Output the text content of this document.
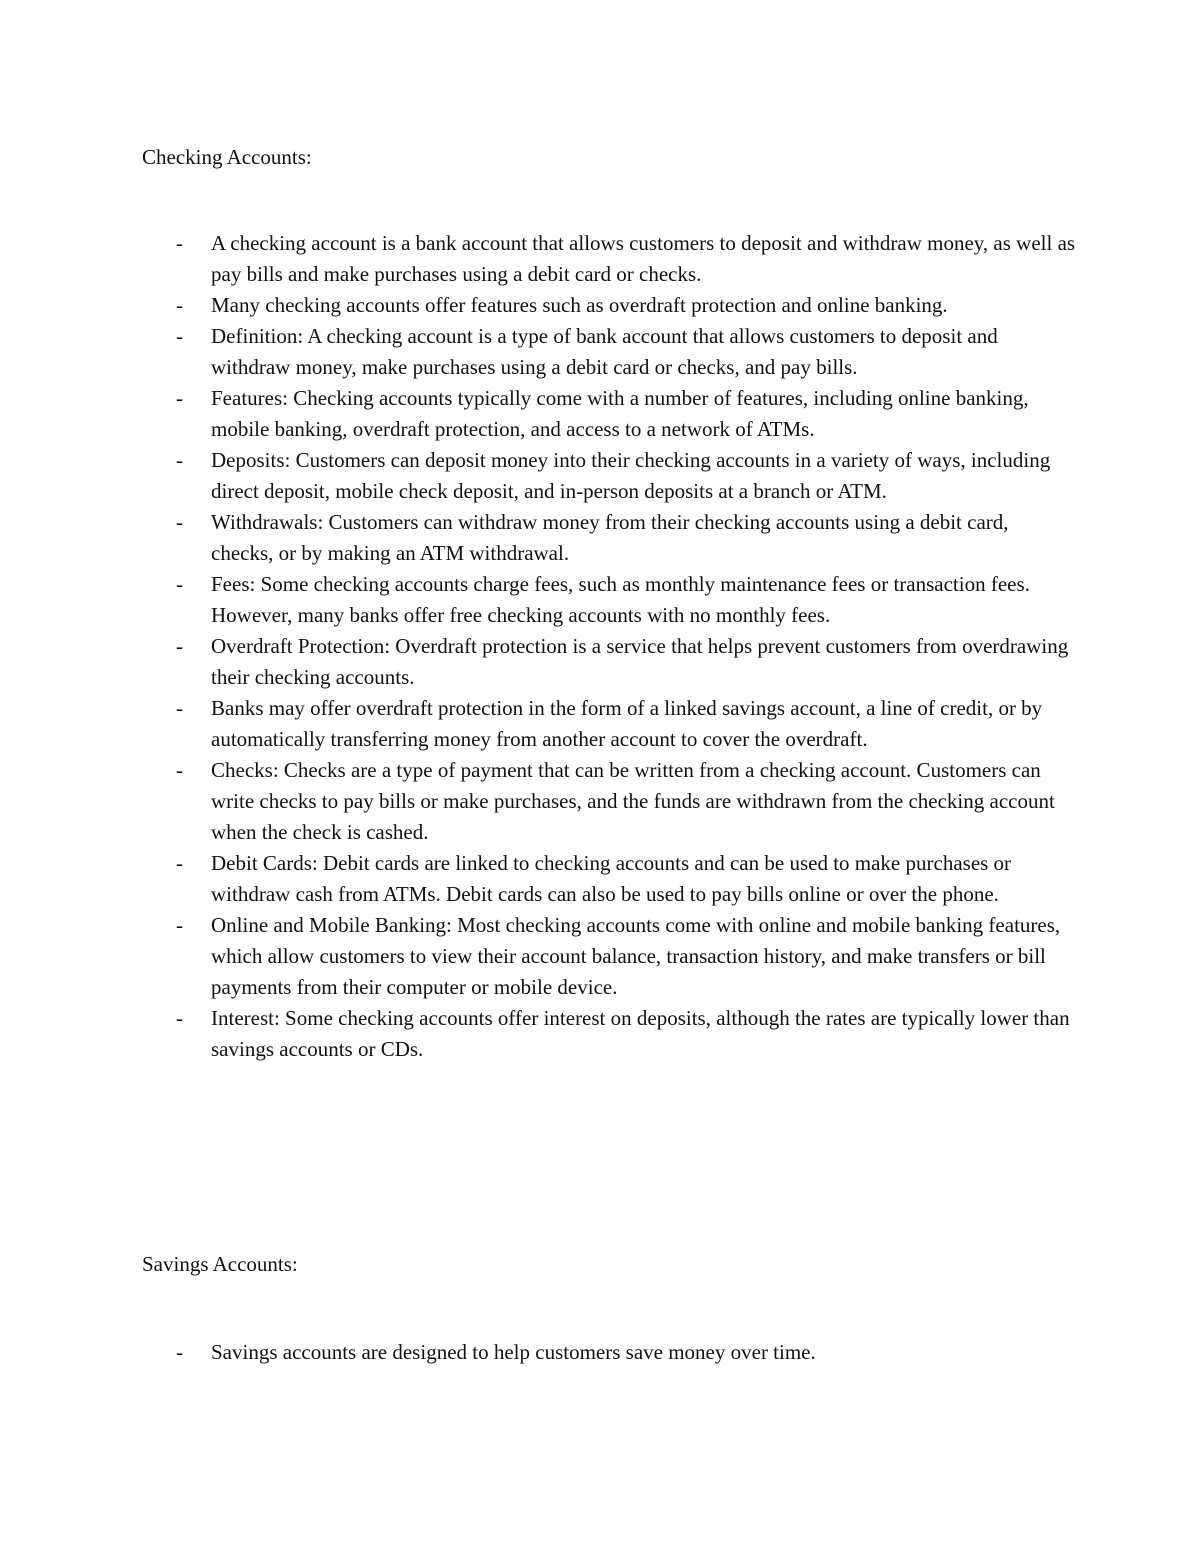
Checking Accounts:
-	A checking account is a bank account that allows customers to deposit and withdraw money, as well as pay bills and make purchases using a debit card or checks.
-	Many checking accounts offer features such as overdraft protection and online banking.
-	Definition: A checking account is a type of bank account that allows customers to deposit and withdraw money, make purchases using a debit card or checks, and pay bills.
-	Features: Checking accounts typically come with a number of features, including online banking, mobile banking, overdraft protection, and access to a network of ATMs.
-	Deposits: Customers can deposit money into their checking accounts in a variety of ways, including direct deposit, mobile check deposit, and in-person deposits at a branch or ATM.
-	Withdrawals: Customers can withdraw money from their checking accounts using a debit card, checks, or by making an ATM withdrawal.
-	Fees: Some checking accounts charge fees, such as monthly maintenance fees or transaction fees. However, many banks offer free checking accounts with no monthly fees.
-	Overdraft Protection: Overdraft protection is a service that helps prevent customers from overdrawing their checking accounts.
-	Banks may offer overdraft protection in the form of a linked savings account, a line of credit, or by automatically transferring money from another account to cover the overdraft.
-	Checks: Checks are a type of payment that can be written from a checking account. Customers can write checks to pay bills or make purchases, and the funds are withdrawn from the checking account when the check is cashed.
-	Debit Cards: Debit cards are linked to checking accounts and can be used to make purchases or withdraw cash from ATMs. Debit cards can also be used to pay bills online or over the phone.
-	Online and Mobile Banking: Most checking accounts come with online and mobile banking features, which allow customers to view their account balance, transaction history, and make transfers or bill payments from their computer or mobile device.
-	Interest: Some checking accounts offer interest on deposits, although the rates are typically lower than savings accounts or CDs.
Savings Accounts:
-	Savings accounts are designed to help customers save money over time.
